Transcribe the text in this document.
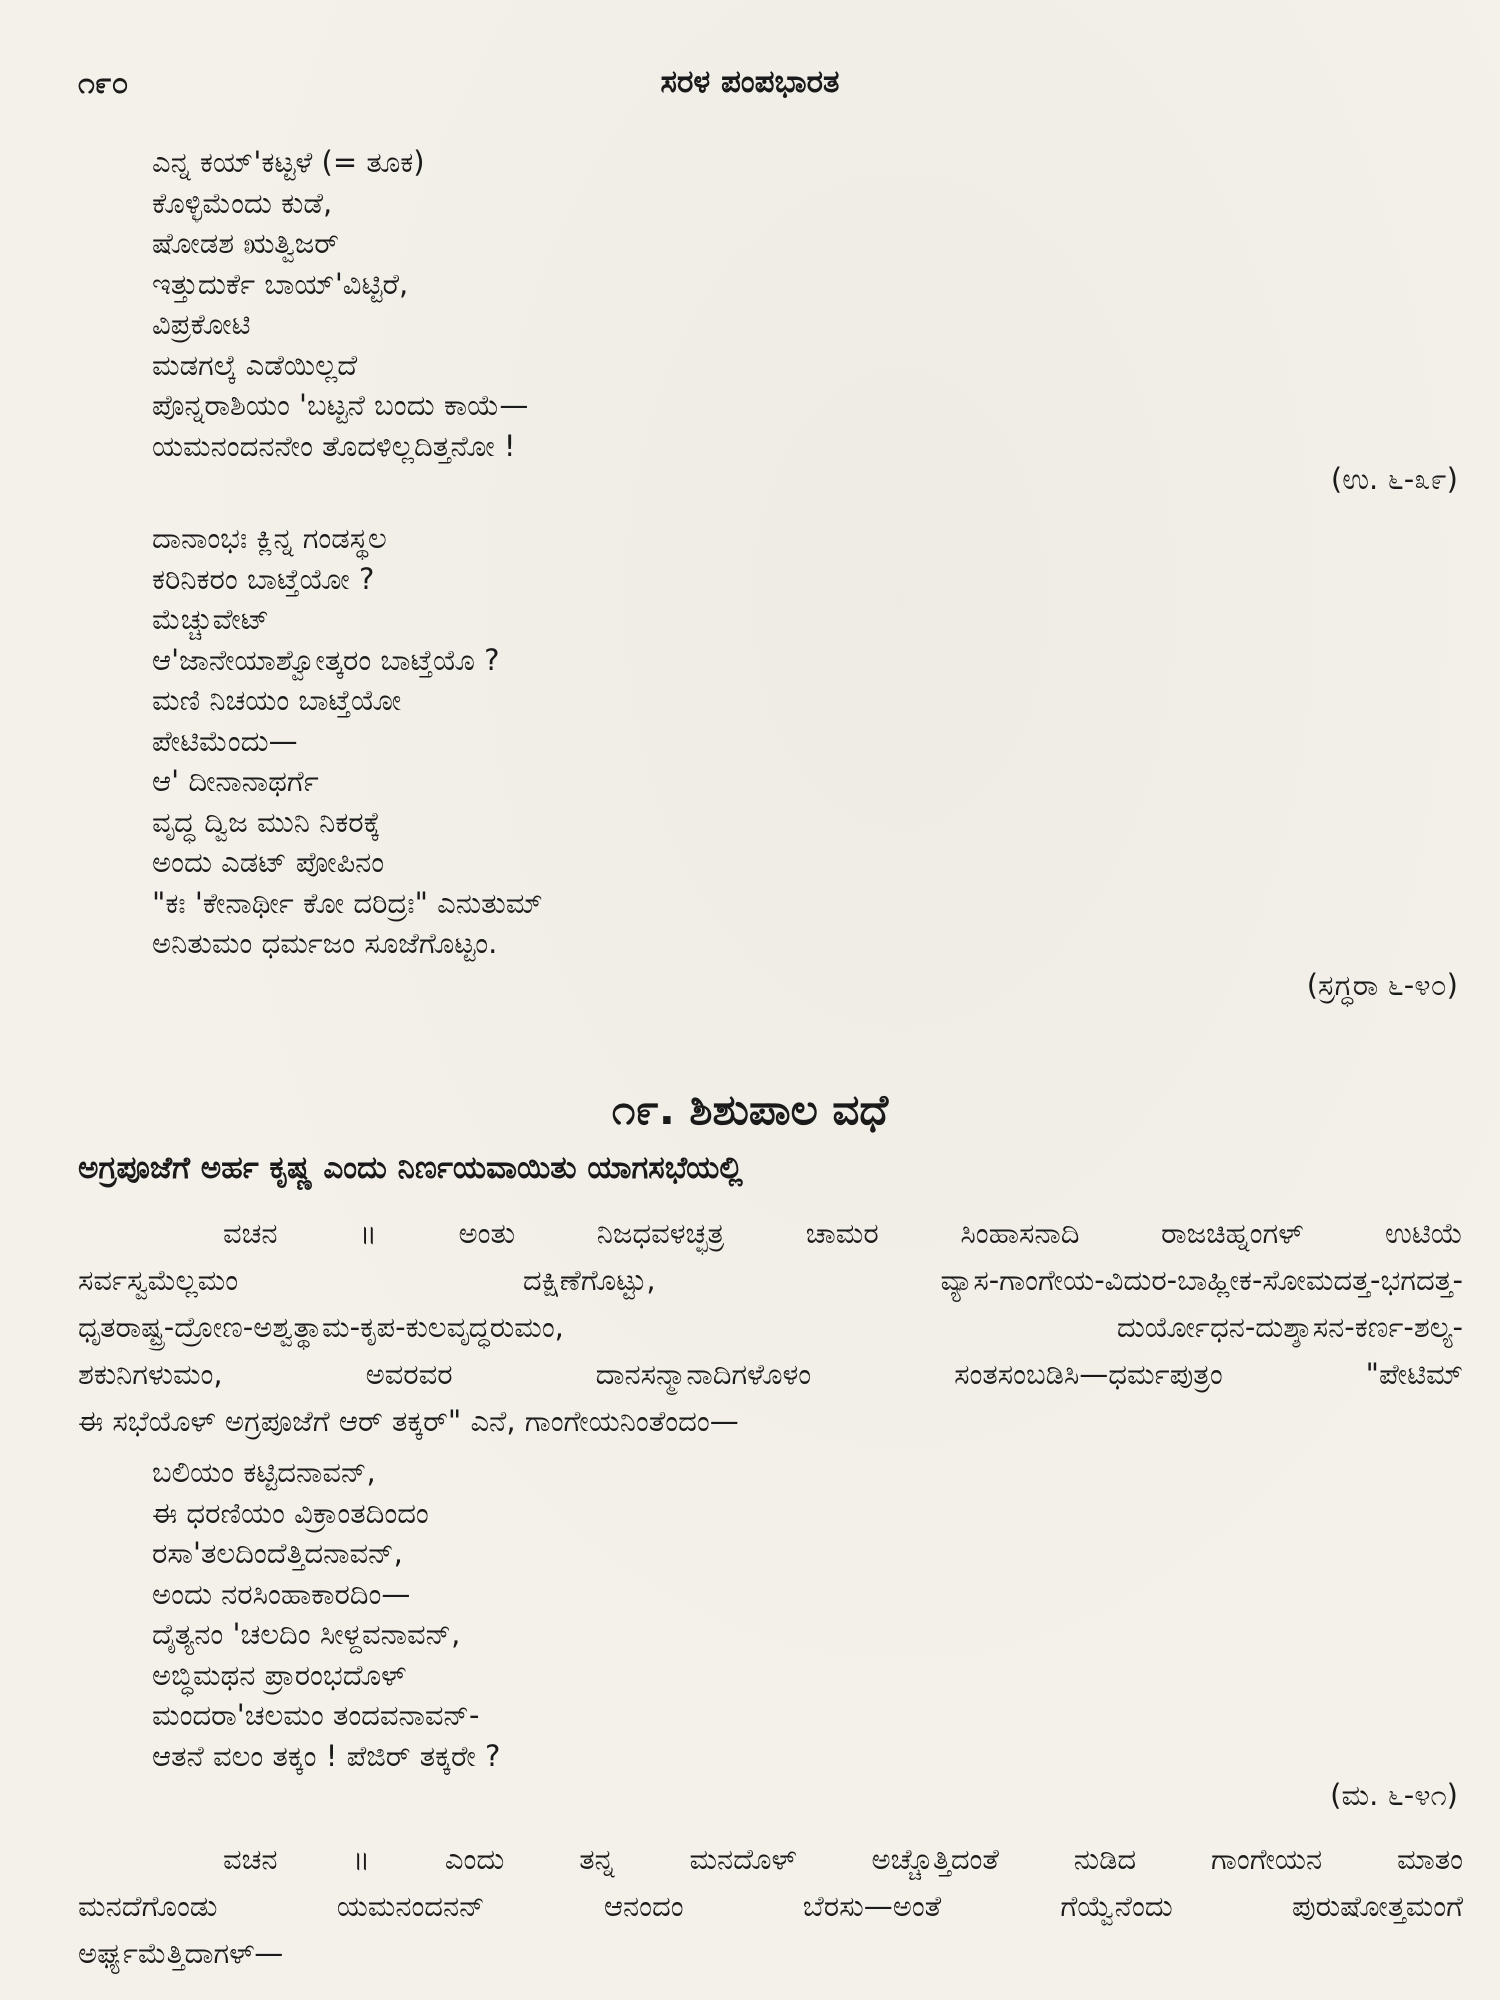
೧೯೦	ಸರಳ ಪಂಪಭಾರತ
ಎನ್ನ ಕಯ್‌'ಕಟ್ಟಳೆ (= ತೂಕ)
ಕೊಳ್ಳಿಮೆಂದು ಕುಡೆ,
ಷೋಡಶ ಋತ್ವಿಜರ್
ಇತ್ತುದುರ್ಕೆ ಬಾಯ್'ವಿಟ್ಟಿರೆ,
ವಿಪ್ರಕೋಟಿ
ಮಡಗಲ್ಕೆ ಎಡೆಯಿಲ್ಲದೆ
ಪೊನ್ನರಾಶಿಯಂ 'ಬಟ್ಟನೆ ಬಂದು ಕಾಯೆ—
ಯಮನಂದನನೇಂ ತೊದಳಿಲ್ಲದಿತ್ತನೋ !
(ಉ. ೬-೩೯)
ದಾನಾಂಭಃ ಕ್ಲಿನ್ನ ಗಂಡಸ್ಥಲ
ಕರಿನಿಕರಂ ಬಾಟ್ತೆಯೋ ?
ಮೆಚ್ಚುವೇಟ್
ಆ'ಜಾನೇಯಾಶ್ವೋತ್ಕರಂ ಬಾಟ್ತೆಯೊ ?
ಮಣಿ ನಿಚಯಂ ಬಾಟ್ತೆಯೋ
ಪೇಟಿಮೆಂದು—
ಆ' ದೀನಾನಾಥರ್ಗೆ
ವೃದ್ಧ ದ್ವಿಜ ಮುನಿ ನಿಕರಕ್ಕೆ
ಅಂದು ಎಡಟ್ ಪೋಪಿನಂ
"ಕಃ 'ಕೇನಾರ್ಥೀ ಕೋ ದರಿದ್ರಃ" ಎನುತುಮ್
ಅನಿತುಮಂ ಧರ್ಮಜಂ ಸೂಜೆಗೊಟ್ಟಂ.
(ಸ್ರಗ್ಧರಾ ೬-೪೦)
೧೯. ಶಿಶುಪಾಲ ವಧೆ
ಅಗ್ರಪೂಜೆಗೆ ಅರ್ಹ ಕೃಷ್ಣ ಎಂದು ನಿರ್ಣಯವಾಯಿತು ಯಾಗಸಭೆಯಲ್ಲಿ
ವಚನ ॥ ಅಂತು ನಿಜಧವಳಚ್ಛತ್ರ ಚಾಮರ ಸಿಂಹಾಸನಾದಿ ರಾಜಚಿಹ್ನಂಗಳ್ ಉಟಿಯೆ
ಸರ್ವಸ್ವಮೆಲ್ಲಮಂ ದಕ್ಷಿಣೆಗೊಟ್ಟು, ವ್ಯಾಸ-ಗಾಂಗೇಯ-ವಿದುರ-ಬಾಹ್ಲೀಕ-ಸೋಮದತ್ತ-ಭಗದತ್ತ-
ಧೃತರಾಷ್ಟ್ರ-ದ್ರೋಣ-ಅಶ್ವತ್ಥಾಮ-ಕೃಪ-ಕುಲವೃದ್ಧರುಮಂ, ದುರ್ಯೋಧನ-ದುಶ್ಶಾಸನ-ಕರ್ಣ-ಶಲ್ಯ-
ಶಕುನಿಗಳುಮಂ, ಅವರವರ ದಾನಸನ್ಮಾನಾದಿಗಳೊಳಂ ಸಂತಸಂಬಡಿಸಿ—ಧರ್ಮಪುತ್ರಂ "ಪೇಟಿಮ್
ಈ ಸಭೆಯೊಳ್ ಅಗ್ರಪೂಜೆಗೆ ಆರ್ ತಕ್ಕರ್" ಎನೆ, ಗಾಂಗೇಯನಿಂತೆಂದಂ—
ಬಲಿಯಂ ಕಟ್ಟಿದನಾವನ್,
ಈ ಧರಣಿಯಂ ವಿಕ್ರಾಂತದಿಂದಂ
ರಸಾ'ತಲದಿಂದೆತ್ತಿದನಾವನ್,
ಅಂದು ನರಸಿಂಹಾಕಾರದಿಂ—
ದೈತ್ಯನಂ 'ಚಲದಿಂ ಸೀಳ್ದವನಾವನ್,
ಅಬ್ಧಿಮಥನ ಪ್ರಾರಂಭದೊಳ್
ಮಂದರಾ'ಚಲಮಂ ತಂದವನಾವನ್-
ಆತನೆ ವಲಂ ತಕ್ಕಂ ! ಪೆಜಿರ್ ತಕ್ಕರೇ ?
(ಮ. ೬-೪೧)
ವಚನ ॥ ಎಂದು ತನ್ನ ಮನದೊಳ್ ಅಚ್ಚೊತ್ತಿದಂತೆ ನುಡಿದ ಗಾಂಗೇಯನ ಮಾತಂ
ಮನದೆಗೊಂಡು ಯಮನಂದನನ್ ಆನಂದಂ ಬೆರಸು—ಅಂತೆ ಗೆಯ್ವೆನೆಂದು ಪುರುಷೋತ್ತಮಂಗೆ
ಅರ್ಘ್ಯಮೆತ್ತಿದಾಗಳ್—
